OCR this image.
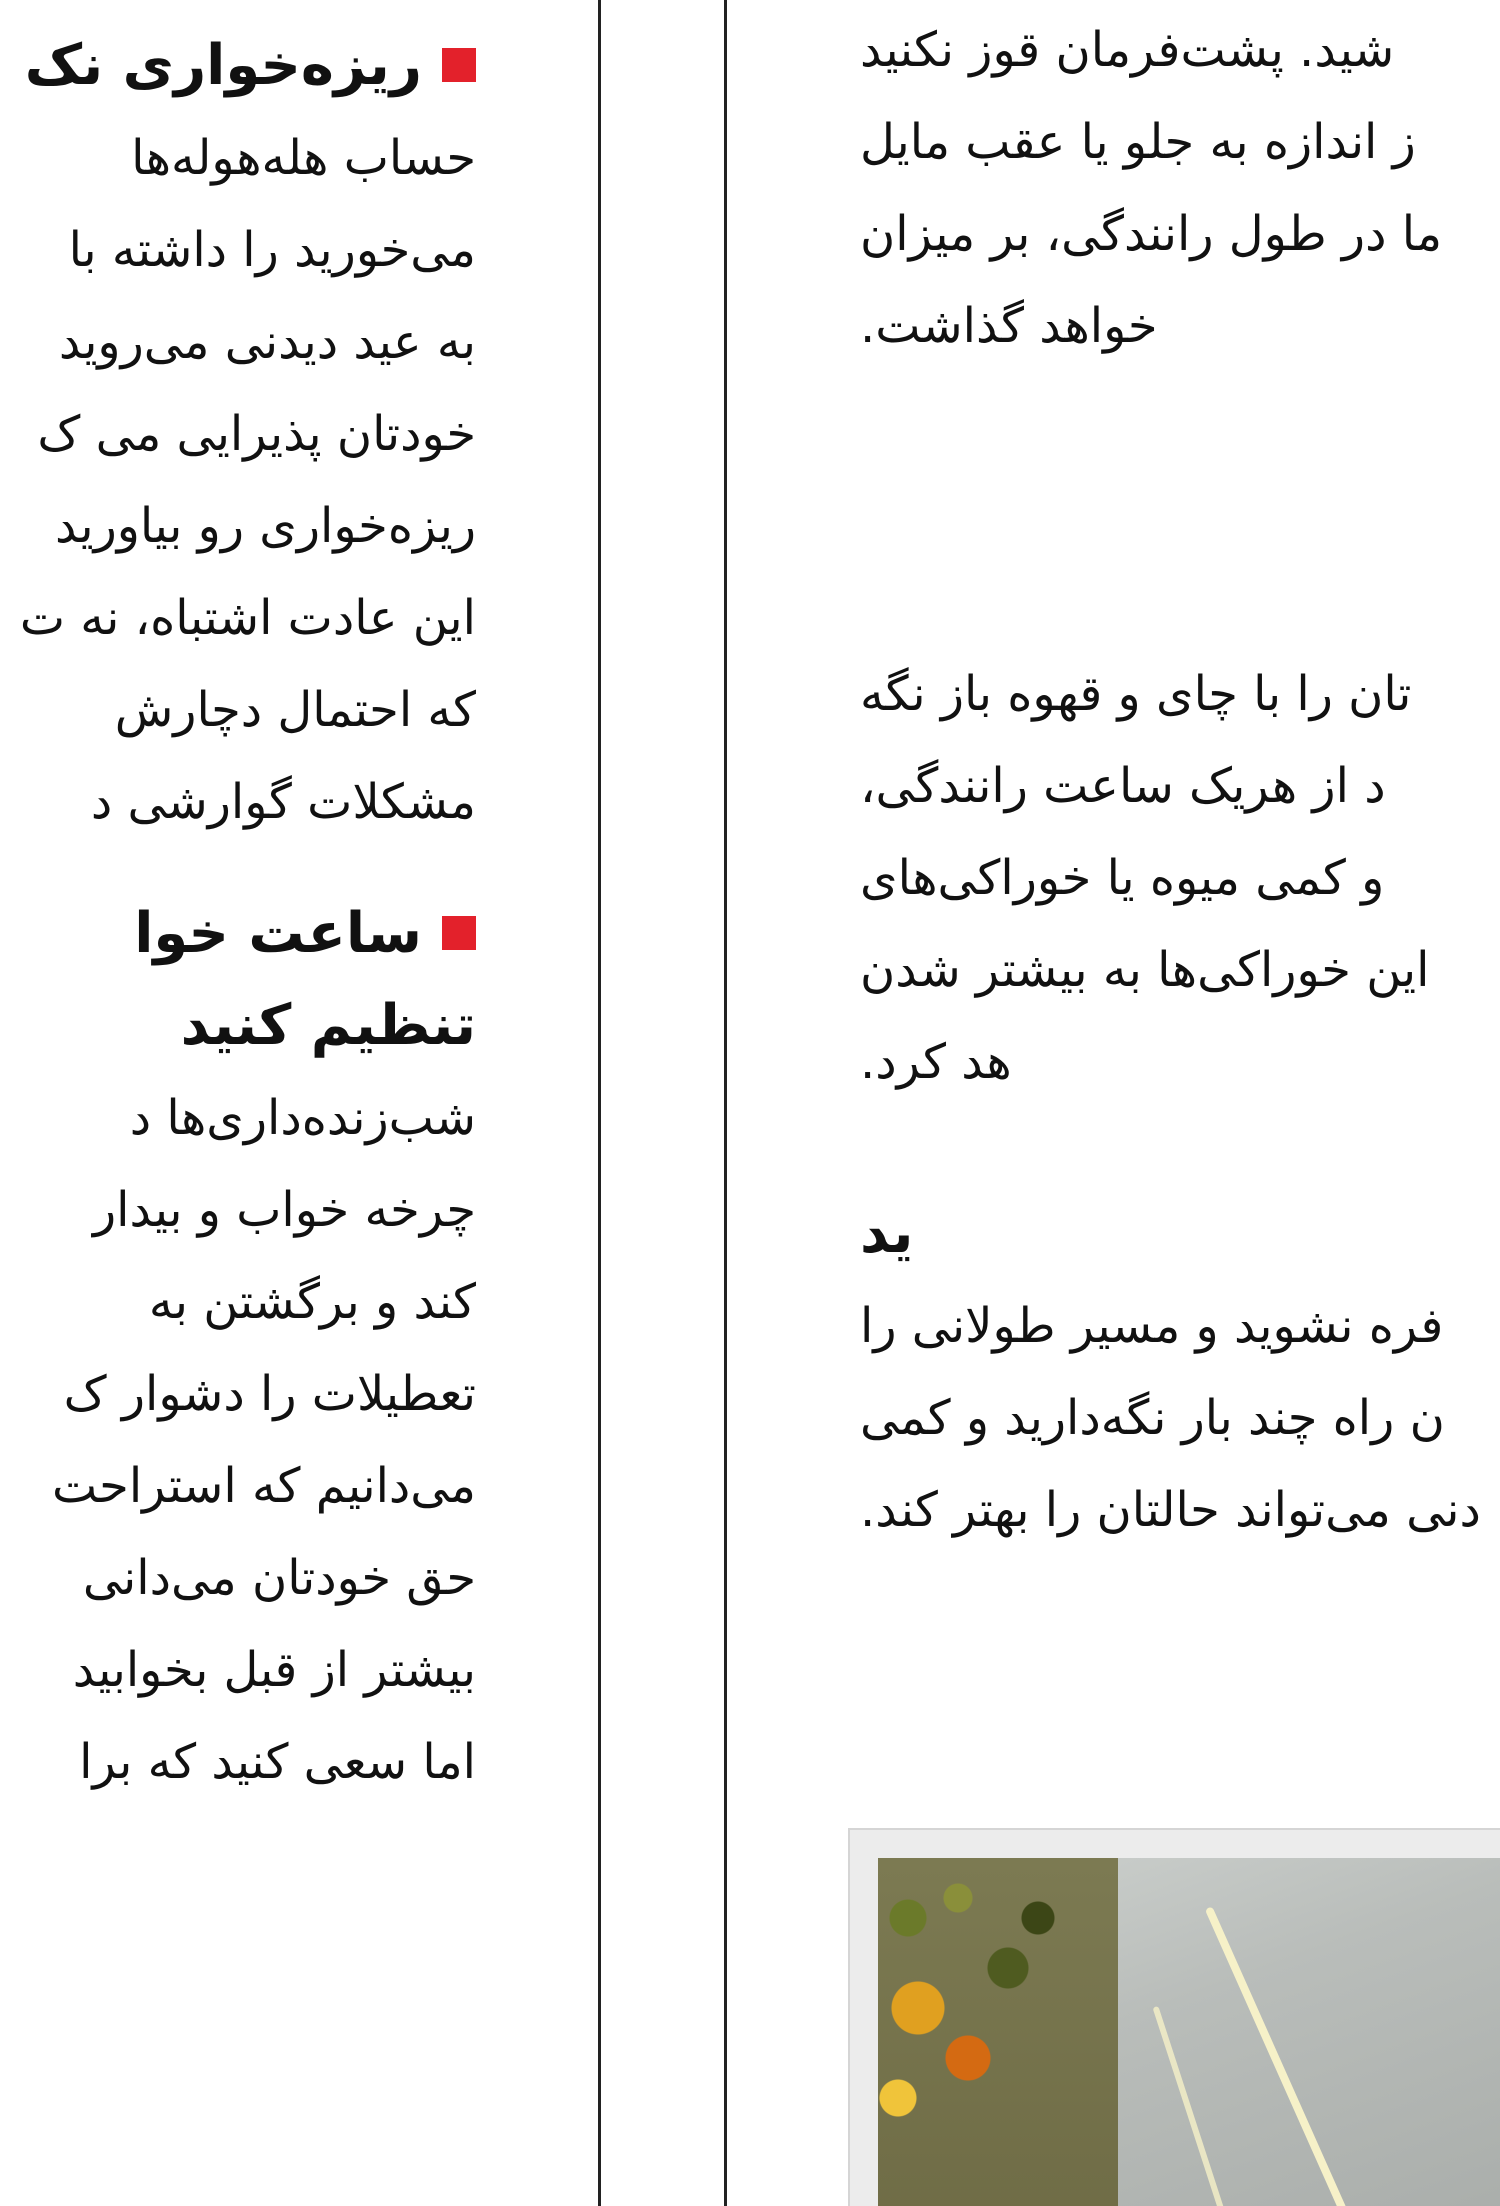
ریزه‌خواری نک
حساب هله‌هوله‌ها
می‌خورید را داشته با
به عید دیدنی می‌روید
خودتان پذیرایی می ک
ریزه‌خواری رو بیاورید
این عادت اشتباه، نه ت
که احتمال دچارش
مشکلات گوارشی د
ساعت خوا
تنظیم کنید
شب‌زنده‌داری‌ها د
چرخه خواب و بیدار
کند و برگشتن به
تعطیلات را دشوار ک
می‌دانیم که استراحت
حق خودتان می‌دانی
بیشتر از قبل بخوابید
اما سعی کنید که برا
شید. پشت‌فرمان قوز نکنید
ز اندازه به جلو یا عقب مایل
ما در طول رانندگی، بر میزان
خواهد گذاشت.
تان را با چای و قهوه باز نگه
د از هریک ساعت رانندگی،
و کمی میوه یا خوراکی‌های
این خوراکی‌ها به بیشتر شدن
هد کرد.
ید
فره نشوید و مسیر طولانی را
ن راه چند بار نگه‌دارید و کمی
دنی می‌تواند حالتان را بهتر کند.
